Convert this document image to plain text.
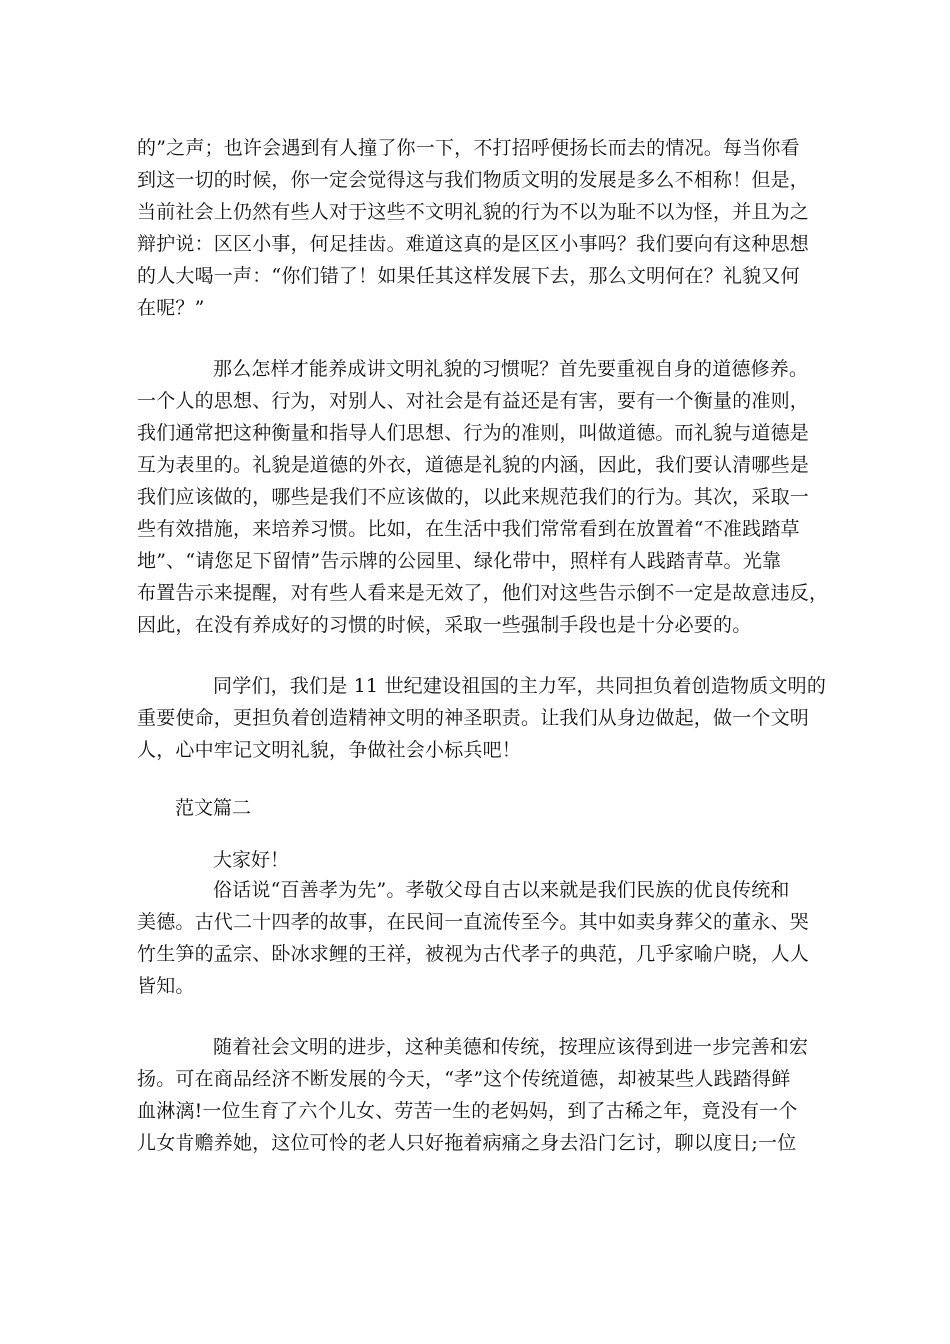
的”之声；也许会遇到有人撞了你一下，不打招呼便扬长而去的情况。每当你看
到这一切的时候，你一定会觉得这与我们物质文明的发展是多么不相称！但是，
当前社会上仍然有些人对于这些不文明礼貌的行为不以为耻不以为怪，并且为之
辩护说：区区小事，何足挂齿。难道这真的是区区小事吗？我们要向有这种思想
的人大喝一声：“你们错了！如果任其这样发展下去，那么文明何在？礼貌又何
在呢？”
那么怎样才能养成讲文明礼貌的习惯呢？首先要重视自身的道德修养。
一个人的思想、行为，对别人、对社会是有益还是有害，要有一个衡量的准则，
我们通常把这种衡量和指导人们思想、行为的准则，叫做道德。而礼貌与道德是
互为表里的。礼貌是道德的外衣，道德是礼貌的内涵，因此，我们要认清哪些是
我们应该做的，哪些是我们不应该做的，以此来规范我们的行为。其次，采取一
些有效措施，来培养习惯。比如，在生活中我们常常看到在放置着“不准践踏草
地”、“请您足下留情”告示牌的公园里、绿化带中，照样有人践踏青草。光靠
布置告示来提醒，对有些人看来是无效了，他们对这些告示倒不一定是故意违反，
因此，在没有养成好的习惯的时候，采取一些强制手段也是十分必要的。
同学们，我们是 11 世纪建设祖国的主力军，共同担负着创造物质文明的
重要使命，更担负着创造精神文明的神圣职责。让我们从身边做起，做一个文明
人，心中牢记文明礼貌，争做社会小标兵吧！
范文篇二
大家好！
俗话说“百善孝为先”。孝敬父母自古以来就是我们民族的优良传统和
美德。古代二十四孝的故事，在民间一直流传至今。其中如卖身葬父的董永、哭
竹生笋的孟宗、卧冰求鲤的王祥，被视为古代孝子的典范，几乎家喻户晓，人人
皆知。
随着社会文明的进步，这种美德和传统，按理应该得到进一步完善和宏
扬。可在商品经济不断发展的今天，“孝”这个传统道德，却被某些人践踏得鲜
血淋漓!一位生育了六个儿女、劳苦一生的老妈妈，到了古稀之年，竟没有一个
儿女肯赡养她，这位可怜的老人只好拖着病痛之身去沿门乞讨，聊以度日;一位
